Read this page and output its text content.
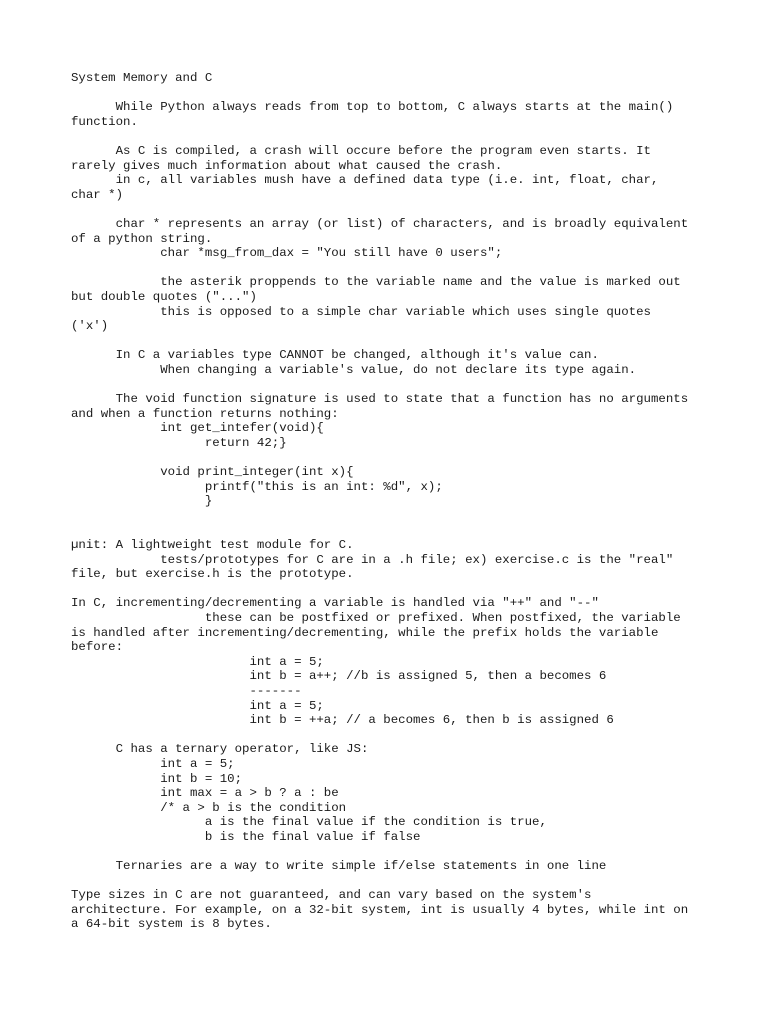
System Memory and C
While Python always reads from top to bottom, C always starts at the main()
function.
As C is compiled, a crash will occure before the program even starts. It
rarely gives much information about what caused the crash.
in c, all variables mush have a defined data type (i.e. int, float, char,
char *)
char * represents an array (or list) of characters, and is broadly equivalent
of a python string.
char *msg_from_dax = "You still have 0 users";
the asterik proppends to the variable name and the value is marked out
but double quotes ("...")
this is opposed to a simple char variable which uses single quotes
('x')
In C a variables type CANNOT be changed, although it's value can.
When changing a variable's value, do not declare its type again.
The void function signature is used to state that a function has no arguments
and when a function returns nothing:
int get_intefer(void){
return 42;}
void print_integer(int x){
printf("this is an int: %d", x);
}
µnit: A lightweight test module for C.
tests/prototypes for C are in a .h file; ex) exercise.c is the "real"
file, but exercise.h is the prototype.
In C, incrementing/decrementing a variable is handled via "++" and "--"
these can be postfixed or prefixed. When postfixed, the variable
is handled after incrementing/decrementing, while the prefix holds the variable
before:
int a = 5;
int b = a++; //b is assigned 5, then a becomes 6
-------
int a = 5;
int b = ++a; // a becomes 6, then b is assigned 6
C has a ternary operator, like JS:
int a = 5;
int b = 10;
int max = a > b ? a : be
/* a > b is the condition
a is the final value if the condition is true,
b is the final value if false
Ternaries are a way to write simple if/else statements in one line
Type sizes in C are not guaranteed, and can vary based on the system's
architecture. For example, on a 32-bit system, int is usually 4 bytes, while int on
a 64-bit system is 8 bytes.
